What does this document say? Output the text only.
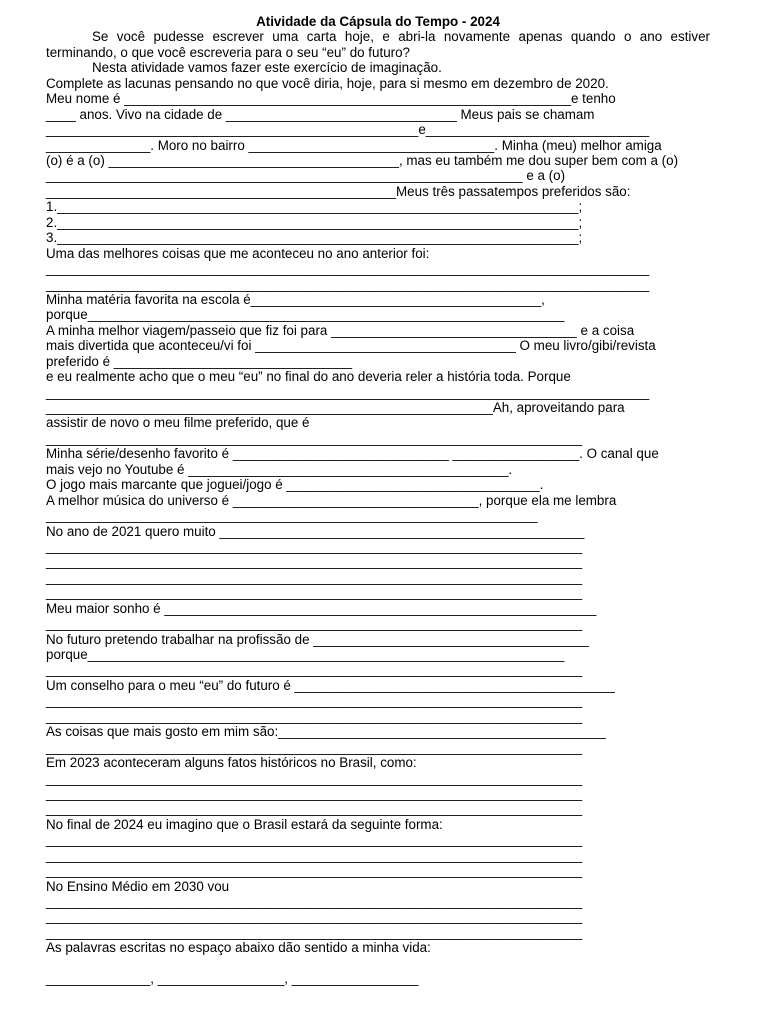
Atividade da Cápsula do Tempo - 2024
Se você pudesse escrever uma carta hoje, e abri-la novamente apenas quando o ano estiver terminando, o que você escreveria para o seu “eu” do futuro?
Nesta atividade vamos fazer este exercício de imaginação.
Complete as lacunas pensando no que você diria, hoje, para si mesmo em dezembro de 2020.
Meu nome é ____________________________________________________________e tenho
____ anos. Vivo na cidade de _______________________________ Meus pais se chamam
__________________________________________________e______________________________
______________. Moro no bairro _________________________________. Minha (meu) melhor amiga
(o) é a (o) _______________________________________, mas eu também me dou super bem com a (o)
________________________________________________________________ e a (o)
_______________________________________________Meus três passatempos preferidos são:
1.______________________________________________________________________;
2.______________________________________________________________________;
3.______________________________________________________________________;
Uma das melhores coisas que me aconteceu no ano anterior foi:
_________________________________________________________________________________
_________________________________________________________________________________
Minha matéria favorita na escola é_______________________________________,
porque________________________________________________________________
A minha melhor viagem/passeio que fiz foi para _________________________________ e a coisa
mais divertida que aconteceu/vi foi ___________________________________ O meu livro/gibi/revista
preferido é ________________________________
e eu realmente acho que o meu “eu” no final do ano deveria reler a história toda. Porque
_________________________________________________________________________________
____________________________________________________________Ah, aproveitando para
assistir de novo o meu filme preferido, que é
________________________________________________________________________
Minha série/desenho favorito é _____________________________ _________________. O canal que
mais vejo no Youtube é ___________________________________________.
O jogo mais marcante que joguei/jogo é __________________________________.
A melhor música do universo é _________________________________, porque ela me lembra
__________________________________________________________________
No ano de 2021 quero muito _________________________________________________
________________________________________________________________________
________________________________________________________________________
________________________________________________________________________
________________________________________________________________________
Meu maior sonho é __________________________________________________________
________________________________________________________________________
No futuro pretendo trabalhar na profissão de _____________________________________
porque________________________________________________________________
________________________________________________________________________
Um conselho para o meu “eu” do futuro é ___________________________________________
________________________________________________________________________
________________________________________________________________________
As coisas que mais gosto em mim são:____________________________________________
________________________________________________________________________
Em 2023 aconteceram alguns fatos históricos no Brasil, como:
________________________________________________________________________
________________________________________________________________________
________________________________________________________________________
No final de 2024 eu imagino que o Brasil estará da seguinte forma:
________________________________________________________________________
________________________________________________________________________
________________________________________________________________________
No Ensino Médio em 2030 vou
________________________________________________________________________
________________________________________________________________________
________________________________________________________________________
As palavras escritas no espaço abaixo dão sentido a minha vida:
______________, _________________, _________________
